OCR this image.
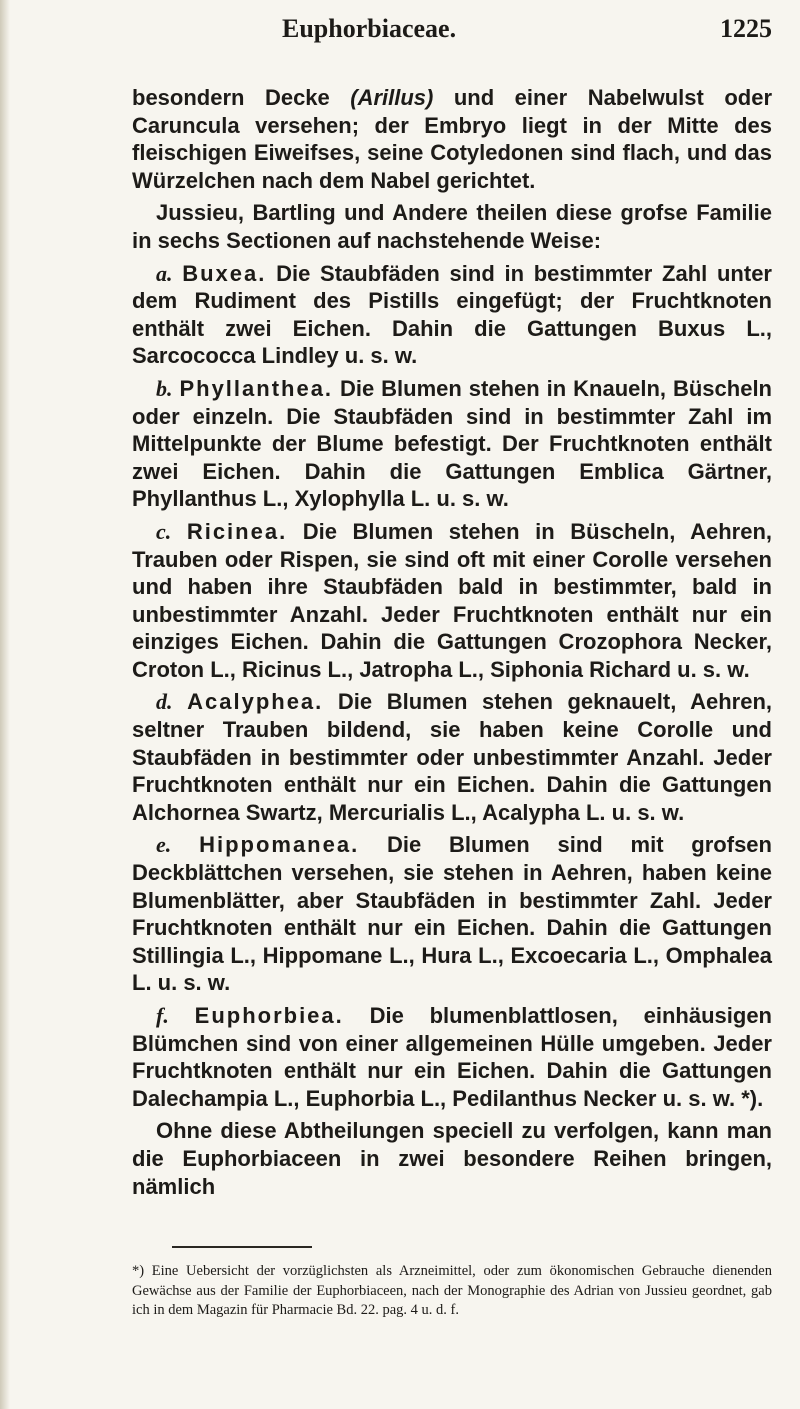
Euphorbiaceae.	1225

besondern Decke (Arillus) und einer Nabelwulst oder Caruncula versehen; der Embryo liegt in der Mitte des fleischigen Eiweifses, seine Cotyledonen sind flach, und das Würzelchen nach dem Nabel gerichtet.

Jussieu, Bartling und Andere theilen diese grofse Familie in sechs Sectionen auf nachstehende Weise:

a. Buxea. Die Staubfäden sind in bestimmter Zahl unter dem Rudiment des Pistills eingefügt; der Fruchtknoten enthält zwei Eichen. Dahin die Gattungen Buxus L., Sarcococca Lindley u. s. w.

b. Phyllanthea. Die Blumen stehen in Knaueln, Büscheln oder einzeln. Die Staubfäden sind in bestimmter Zahl im Mittelpunkte der Blume befestigt. Der Fruchtknoten enthält zwei Eichen. Dahin die Gattungen Emblica Gärtner, Phyllanthus L., Xylophylla L. u. s. w.

c. Ricinea. Die Blumen stehen in Büscheln, Aehren, Trauben oder Rispen, sie sind oft mit einer Corolle versehen und haben ihre Staubfäden bald in bestimmter, bald in unbestimmter Anzahl. Jeder Fruchtknoten enthält nur ein einziges Eichen. Dahin die Gattungen Crozophora Necker, Croton L., Ricinus L., Jatropha L., Siphonia Richard u. s. w.

d. Acalyphea. Die Blumen stehen geknauelt, Aehren, seltner Trauben bildend, sie haben keine Corolle und Staubfäden in bestimmter oder unbestimmter Anzahl. Jeder Fruchtknoten enthält nur ein Eichen. Dahin die Gattungen Alchornea Swartz, Mercurialis L., Acalypha L. u. s. w.

e. Hippomanea. Die Blumen sind mit grofsen Deckblättchen versehen, sie stehen in Aehren, haben keine Blumenblätter, aber Staubfäden in bestimmter Zahl. Jeder Fruchtknoten enthält nur ein Eichen. Dahin die Gattungen Stillingia L., Hippomane L., Hura L., Excoecaria L., Omphalea L. u. s. w.

f. Euphorbiea. Die blumenblattlosen, einhäusigen Blümchen sind von einer allgemeinen Hülle umgeben. Jeder Fruchtknoten enthält nur ein Eichen. Dahin die Gattungen Dalechampia L., Euphorbia L., Pedilanthus Necker u. s. w. *).

Ohne diese Abtheilungen speciell zu verfolgen, kann man die Euphorbiaceen in zwei besondere Reihen bringen, nämlich

*) Eine Uebersicht der vorzüglichsten als Arzneimittel, oder zum ökonomischen Gebrauche dienenden Gewächse aus der Familie der Euphorbiaceen, nach der Monographie des Adrian von Jussieu geordnet, gab ich in dem Magazin für Pharmacie Bd. 22. pag. 4 u. d. f.
